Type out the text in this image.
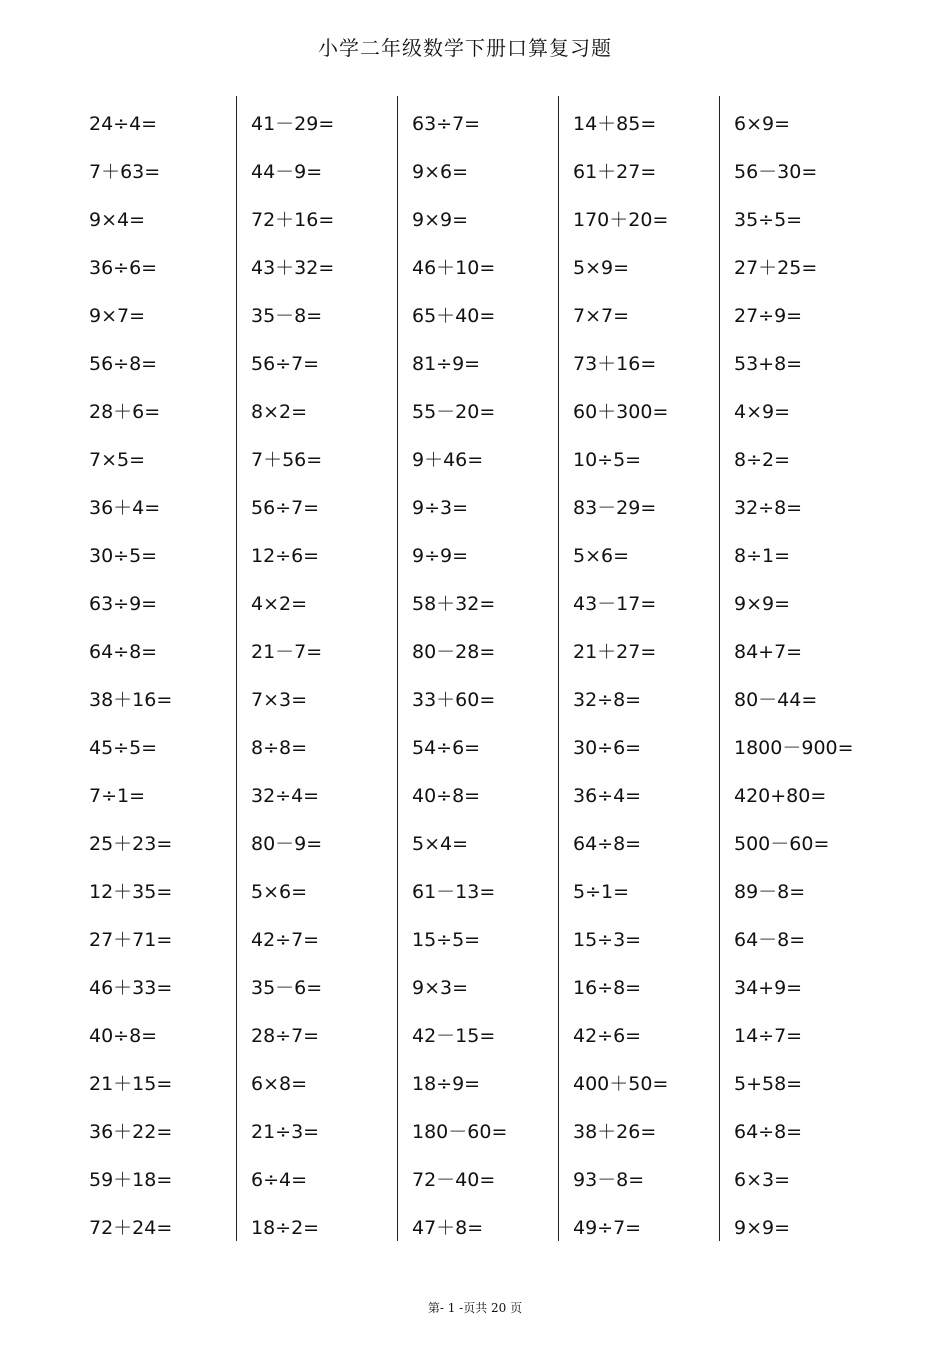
小学二年级数学下册口算复习题
24÷4=
7＋63=
9×4=
36÷6=
9×7=
56÷8=
28＋6=
7×5=
36＋4=
30÷5=
63÷9=
64÷8=
38＋16=
45÷5=
7÷1=
25＋23=
12＋35=
27＋71=
46＋33=
40÷8=
21＋15=
36＋22=
59＋18=
72＋24=
41－29=
44－9=
72＋16=
43＋32=
35－8=
56÷7=
8×2=
7＋56=
56÷7=
12÷6=
4×2=
21－7=
7×3=
8÷8=
32÷4=
80－9=
5×6=
42÷7=
35－6=
28÷7=
6×8=
21÷3=
6÷4=
18÷2=
63÷7=
9×6=
9×9=
46＋10=
65＋40=
81÷9=
55－20=
9＋46=
9÷3=
9÷9=
58＋32=
80－28=
33＋60=
54÷6=
40÷8=
5×4=
61－13=
15÷5=
9×3=
42－15=
18÷9=
180－60=
72－40=
47＋8=
14＋85=
61＋27=
170＋20=
5×9=
7×7=
73＋16=
60＋300=
10÷5=
83－29=
5×6=
43－17=
21＋27=
32÷8=
30÷6=
36÷4=
64÷8=
5÷1=
15÷3=
16÷8=
42÷6=
400＋50=
38＋26=
93－8=
49÷7=
6×9=
56－30=
35÷5=
27＋25=
27÷9=
53+8=
4×9=
8÷2=
32÷8=
8÷1=
9×9=
84+7=
80－44=
1800－900=
420+80=
500－60=
89－8=
64－8=
34+9=
14÷7=
5+58=
64÷8=
6×3=
9×9=
第- 1 -页共 20 页
